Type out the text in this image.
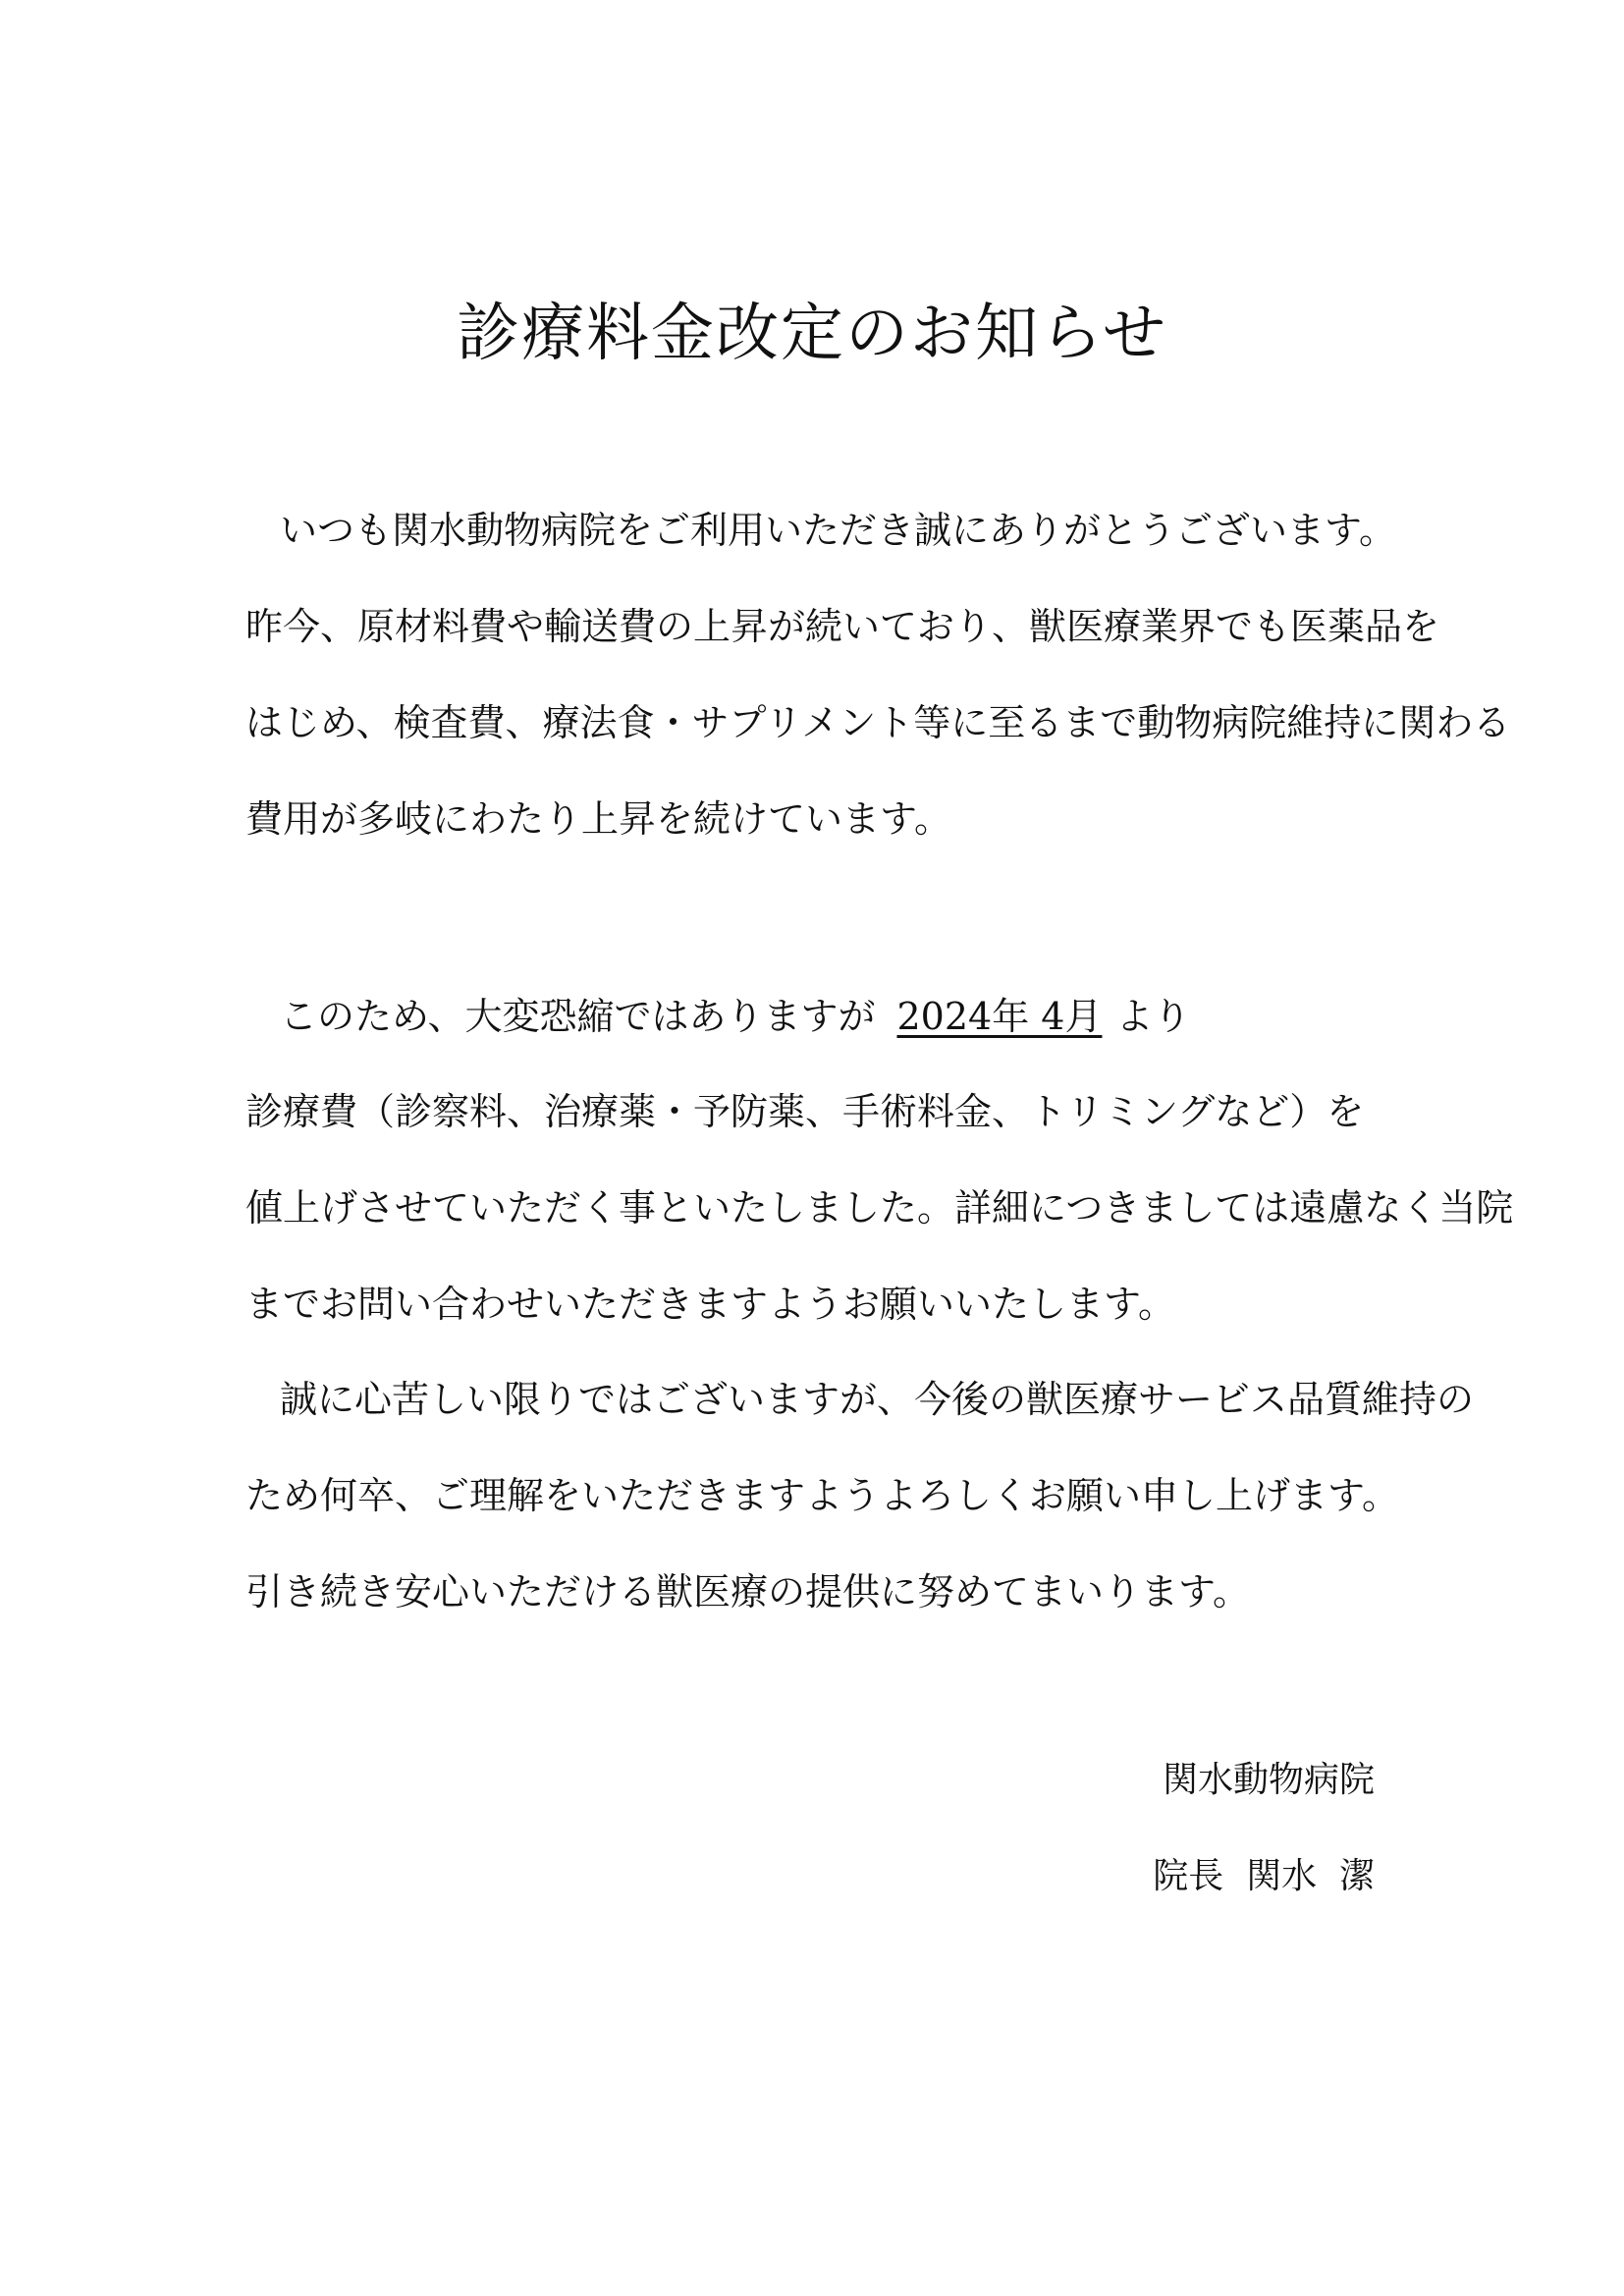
診療料金改定のお知らせ
いつも関水動物病院をご利用いただき誠にありがとうございます。
昨今、原材料費や輸送費の上昇が続いており、獣医療業界でも医薬品を
はじめ、検査費、療法食・サプリメント等に至るまで動物病院維持に関わる
費用が多岐にわたり上昇を続けています。
このため、大変恐縮ではありますが 2024年 4月 より
診療費（診察料、治療薬・予防薬、手術料金、トリミングなど）を
値上げさせていただく事といたしました。詳細につきましては遠慮なく当院
までお問い合わせいただきますようお願いいたします。
誠に心苦しい限りではございますが、今後の獣医療サービス品質維持の
ため何卒、ご理解をいただきますようよろしくお願い申し上げます。
引き続き安心いただける獣医療の提供に努めてまいります。
関水動物病院
院長  関水  潔
